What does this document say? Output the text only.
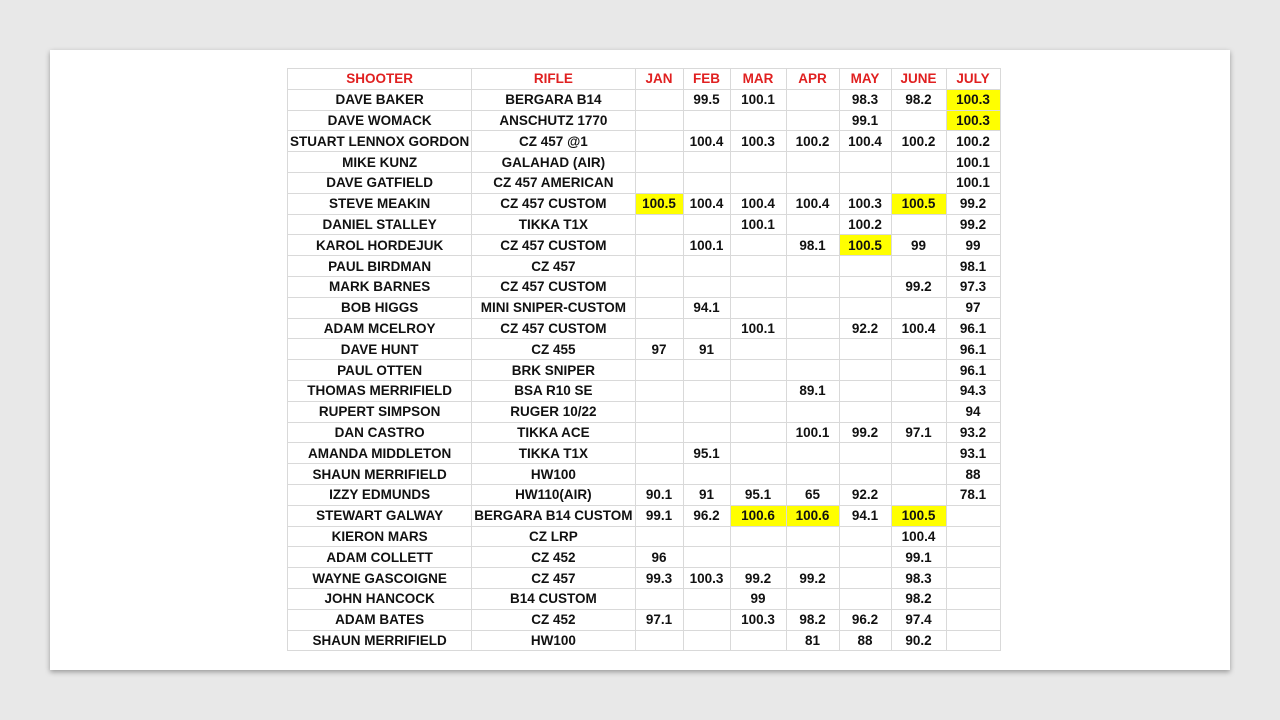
SHOOTER	RIFLE	JAN	FEB	MAR	APR	MAY	JUNE	JULY
DAVE BAKER	BERGARA B14		99.5	100.1		98.3	98.2	100.3
DAVE WOMACK	ANSCHUTZ 1770					99.1		100.3
STUART LENNOX GORDON	CZ 457 @1		100.4	100.3	100.2	100.4	100.2	100.2
MIKE KUNZ	GALAHAD (AIR)							100.1
DAVE GATFIELD	CZ 457 AMERICAN							100.1
STEVE MEAKIN	CZ 457 CUSTOM	100.5	100.4	100.4	100.4	100.3	100.5	99.2
DANIEL STALLEY	TIKKA T1X			100.1		100.2		99.2
KAROL HORDEJUK	CZ 457 CUSTOM		100.1		98.1	100.5	99	99
PAUL BIRDMAN	CZ 457							98.1
MARK BARNES	CZ 457 CUSTOM						99.2	97.3
BOB HIGGS	MINI SNIPER-CUSTOM		94.1					97
ADAM MCELROY	CZ 457 CUSTOM			100.1		92.2	100.4	96.1
DAVE HUNT	CZ 455	97	91					96.1
PAUL OTTEN	BRK SNIPER							96.1
THOMAS MERRIFIELD	BSA R10 SE				89.1			94.3
RUPERT SIMPSON	RUGER 10/22							94
DAN CASTRO	TIKKA ACE				100.1	99.2	97.1	93.2
AMANDA MIDDLETON	TIKKA T1X		95.1					93.1
SHAUN MERRIFIELD	HW100							88
IZZY EDMUNDS	HW110(AIR)	90.1	91	95.1	65	92.2		78.1
STEWART GALWAY	BERGARA B14 CUSTOM	99.1	96.2	100.6	100.6	94.1	100.5	
KIERON MARS	CZ LRP						100.4	
ADAM COLLETT	CZ 452	96					99.1	
WAYNE GASCOIGNE	CZ 457	99.3	100.3	99.2	99.2		98.3	
JOHN HANCOCK	B14 CUSTOM			99			98.2	
ADAM BATES	CZ 452	97.1		100.3	98.2	96.2	97.4	
SHAUN MERRIFIELD	HW100				81	88	90.2	
